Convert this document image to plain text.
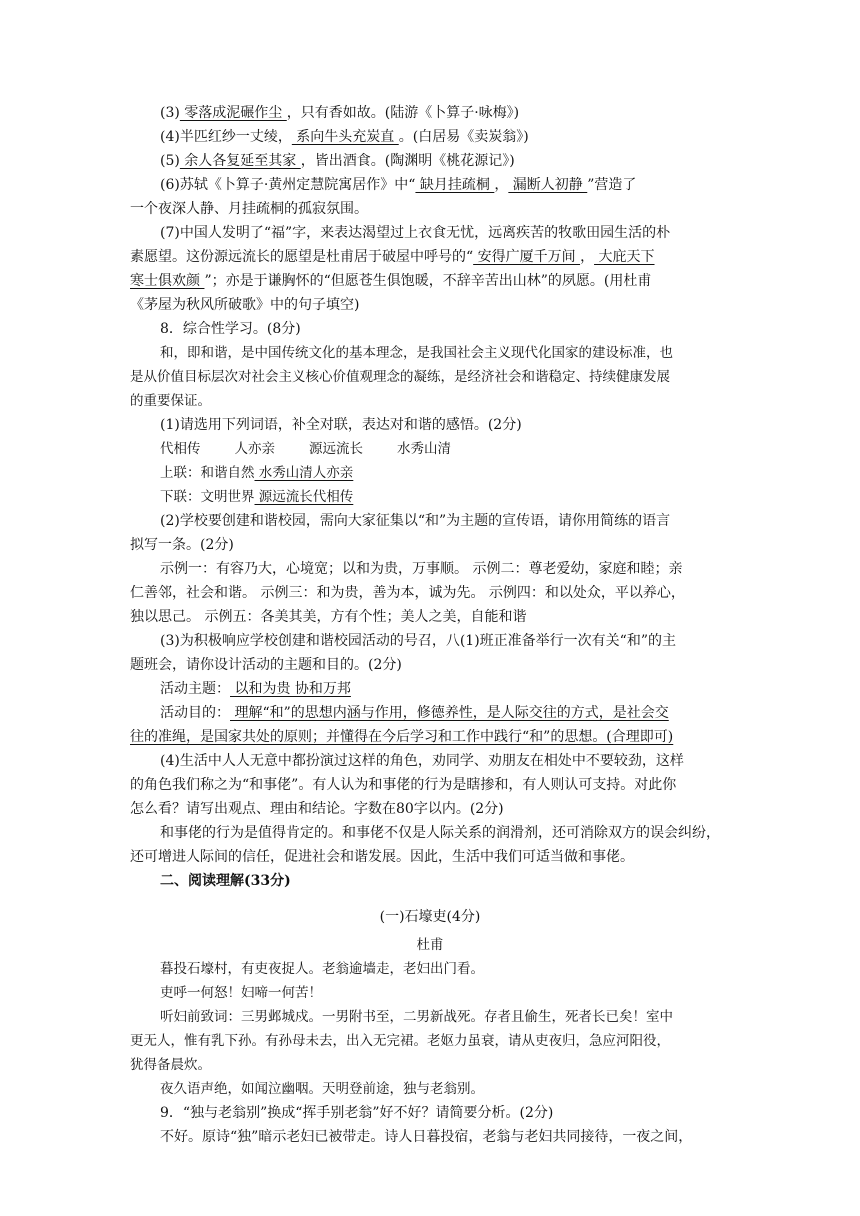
(3) 零落成泥碾作尘 ，只有香如故。(陆游《卜算子·咏梅》)
(4)半匹红纱一丈绫， 系向牛头充炭直 。(白居易《卖炭翁》)
(5) 余人各复延至其家 ，皆出酒食。(陶渊明《桃花源记》)
(6)苏轼《卜算子·黄州定慧院寓居作》中“ 缺月挂疏桐 ， 漏断人初静 ”营造了
一个夜深人静、月挂疏桐的孤寂氛围。
(7)中国人发明了“福”字，来表达渴望过上衣食无忧，远离疾苦的牧歌田园生活的朴
素愿望。这份源远流长的愿望是杜甫居于破屋中呼号的“ 安得广厦千万间 ， 大庇天下
寒士俱欢颜 ”；亦是于谦胸怀的“但愿苍生俱饱暖，不辞辛苦出山林”的夙愿。(用杜甫
《茅屋为秋风所破歌》中的句子填空)
8．综合性学习。(8分)
和，即和谐，是中国传统文化的基本理念，是我国社会主义现代化国家的建设标准，也
是从价值目标层次对社会主义核心价值观理念的凝练，是经济社会和谐稳定、持续健康发展
的重要保证。
(1)请选用下列词语，补全对联，表达对和谐的感悟。(2分)
代相传	人亦亲	源远流长	水秀山清
上联：和谐自然 水秀山清人亦亲
下联：文明世界 源远流长代相传
(2)学校要创建和谐校园，需向大家征集以“和”为主题的宣传语，请你用简练的语言
拟写一条。(2分)
示例一：有容乃大，心境宽；以和为贵，万事顺。 示例二：尊老爱幼，家庭和睦；亲
仁善邻，社会和谐。 示例三：和为贵，善为本，诚为先。 示例四：和以处众，平以养心，
独以思己。 示例五：各美其美，方有个性；美人之美，自能和谐
(3)为积极响应学校创建和谐校园活动的号召，八(1)班正准备举行一次有关“和”的主
题班会，请你设计活动的主题和目的。(2分)
活动主题： 以和为贵 协和万邦
活动目的： 理解“和”的思想内涵与作用，修德养性，是人际交往的方式，是社会交
往的准绳，是国家共处的原则；并懂得在今后学习和工作中践行“和”的思想。(合理即可)
(4)生活中人人无意中都扮演过这样的角色，劝同学、劝朋友在相处中不要较劲，这样
的角色我们称之为“和事佬”。有人认为和事佬的行为是瞎掺和，有人则认可支持。对此你
怎么看？请写出观点、理由和结论。字数在80字以内。(2分)
和事佬的行为是值得肯定的。和事佬不仅是人际关系的润滑剂，还可消除双方的误会纠纷，
还可增进人际间的信任，促进社会和谐发展。因此，生活中我们可适当做和事佬。
二、阅读理解(33分)
(一)石壕吏(4分)
杜甫
暮投石壕村，有吏夜捉人。老翁逾墙走，老妇出门看。
吏呼一何怒！妇啼一何苦！
听妇前致词：三男邺城戍。一男附书至，二男新战死。存者且偷生，死者长已矣！室中
更无人，惟有乳下孙。有孙母未去，出入无完裙。老妪力虽衰，请从吏夜归，急应河阳役，
犹得备晨炊。
夜久语声绝，如闻泣幽咽。天明登前途，独与老翁别。
9．“独与老翁别”换成“挥手别老翁”好不好？请简要分析。(2分)
不好。原诗“独”暗示老妇已被带走。诗人日暮投宿，老翁与老妇共同接待，一夜之间，
